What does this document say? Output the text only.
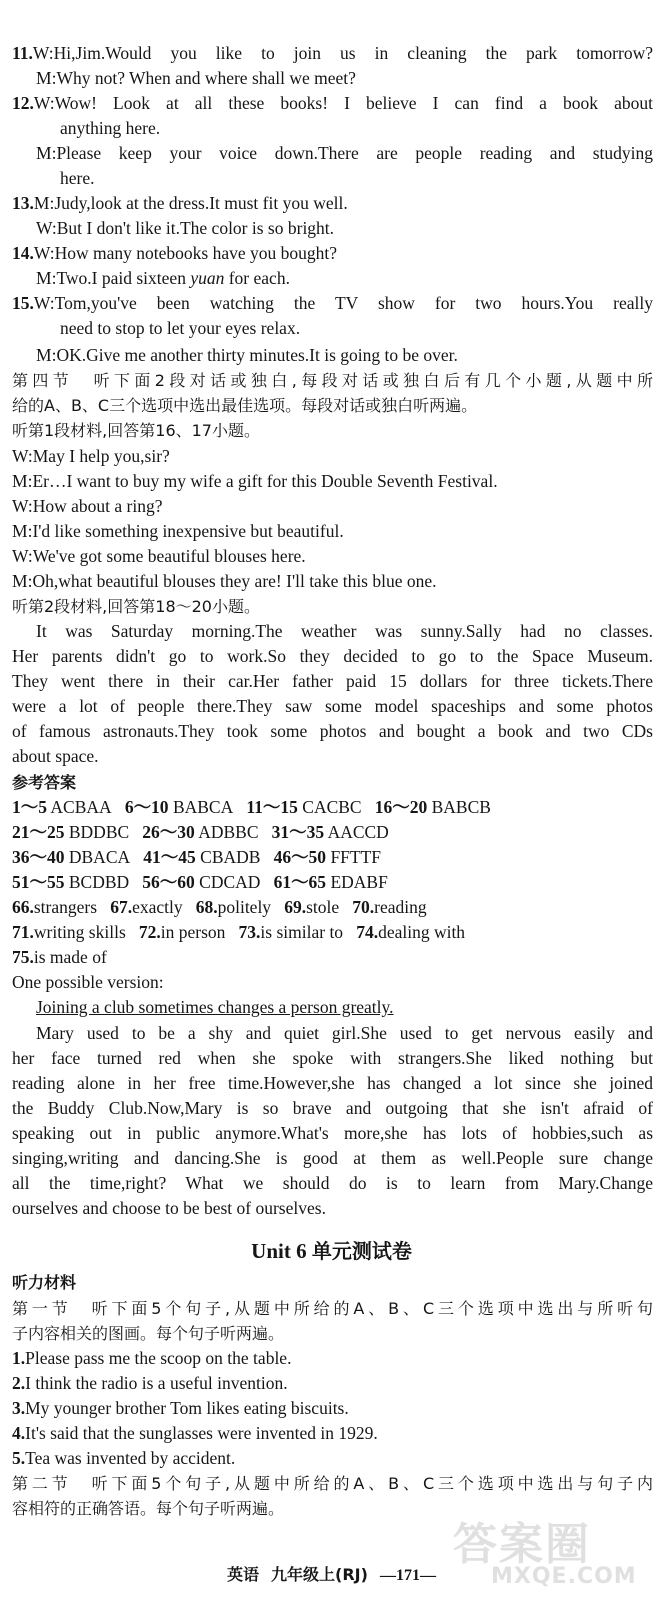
11.W:Hi,Jim.Would you like to join us in cleaning the park tomorrow?
M:Why not? When and where shall we meet?
12.W:Wow! Look at all these books! I believe I can find a book about
anything here.
M:Please keep your voice down.There are people reading and studying
here.
13.M:Judy,look at the dress.It must fit you well.
W:But I don't like it.The color is so bright.
14.W:How many notebooks have you bought?
M:Two.I paid sixteen yuan for each.
15.W:Tom,you've been watching the TV show for two hours.You really
need to stop to let your eyes relax.
M:OK.Give me another thirty minutes.It is going to be over.
第四节　听下面2段对话或独白,每段对话或独白后有几个小题,从题中所
给的A、B、C三个选项中选出最佳选项。每段对话或独白听两遍。
听第1段材料,回答第16、17小题。
W:May I help you,sir?
M:Er…I want to buy my wife a gift for this Double Seventh Festival.
W:How about a ring?
M:I'd like something inexpensive but beautiful.
W:We've got some beautiful blouses here.
M:Oh,what beautiful blouses they are! I'll take this blue one.
听第2段材料,回答第18～20小题。
It was Saturday morning.The weather was sunny.Sally had no classes.
Her parents didn't go to work.So they decided to go to the Space Museum.
They went there in their car.Her father paid 15 dollars for three tickets.There
were a lot of people there.They saw some model spaceships and some photos
of famous astronauts.They took some photos and bought a book and two CDs
about space.
参考答案
1～5 ACBAA 6～10 BABCA 11～15 CACBC 16～20 BABCB
21～25 BDDBC 26～30 ADBBC 31～35 AACCD
36～40 DBACA 41～45 CBADB 46～50 FFTTF
51～55 BCDBD 56～60 CDCAD 61～65 EDABF
66.strangers 67.exactly 68.politely 69.stole 70.reading
71.writing skills 72.in person 73.is similar to 74.dealing with
75.is made of
One possible version:
Joining a club sometimes changes a person greatly.
Mary used to be a shy and quiet girl.She used to get nervous easily and
her face turned red when she spoke with strangers.She liked nothing but
reading alone in her free time.However,she has changed a lot since she joined
the Buddy Club.Now,Mary is so brave and outgoing that she isn't afraid of
speaking out in public anymore.What's more,she has lots of hobbies,such as
singing,writing and dancing.She is good at them as well.People sure change
all the time,right? What we should do is to learn from Mary.Change
ourselves and choose to be best of ourselves.
Unit 6 单元测试卷
听力材料
第一节　听下面5个句子,从题中所给的A、B、C三个选项中选出与所听句
子内容相关的图画。每个句子听两遍。
1.Please pass me the scoop on the table.
2.I think the radio is a useful invention.
3.My younger brother Tom likes eating biscuits.
4.It's said that the sunglasses were invented in 1929.
5.Tea was invented by accident.
第二节　听下面5个句子,从题中所给的A、B、C三个选项中选出与句子内
容相符的正确答语。每个句子听两遍。
英语 九年级上(RJ) —171—
答案圈
MXQE.COM
